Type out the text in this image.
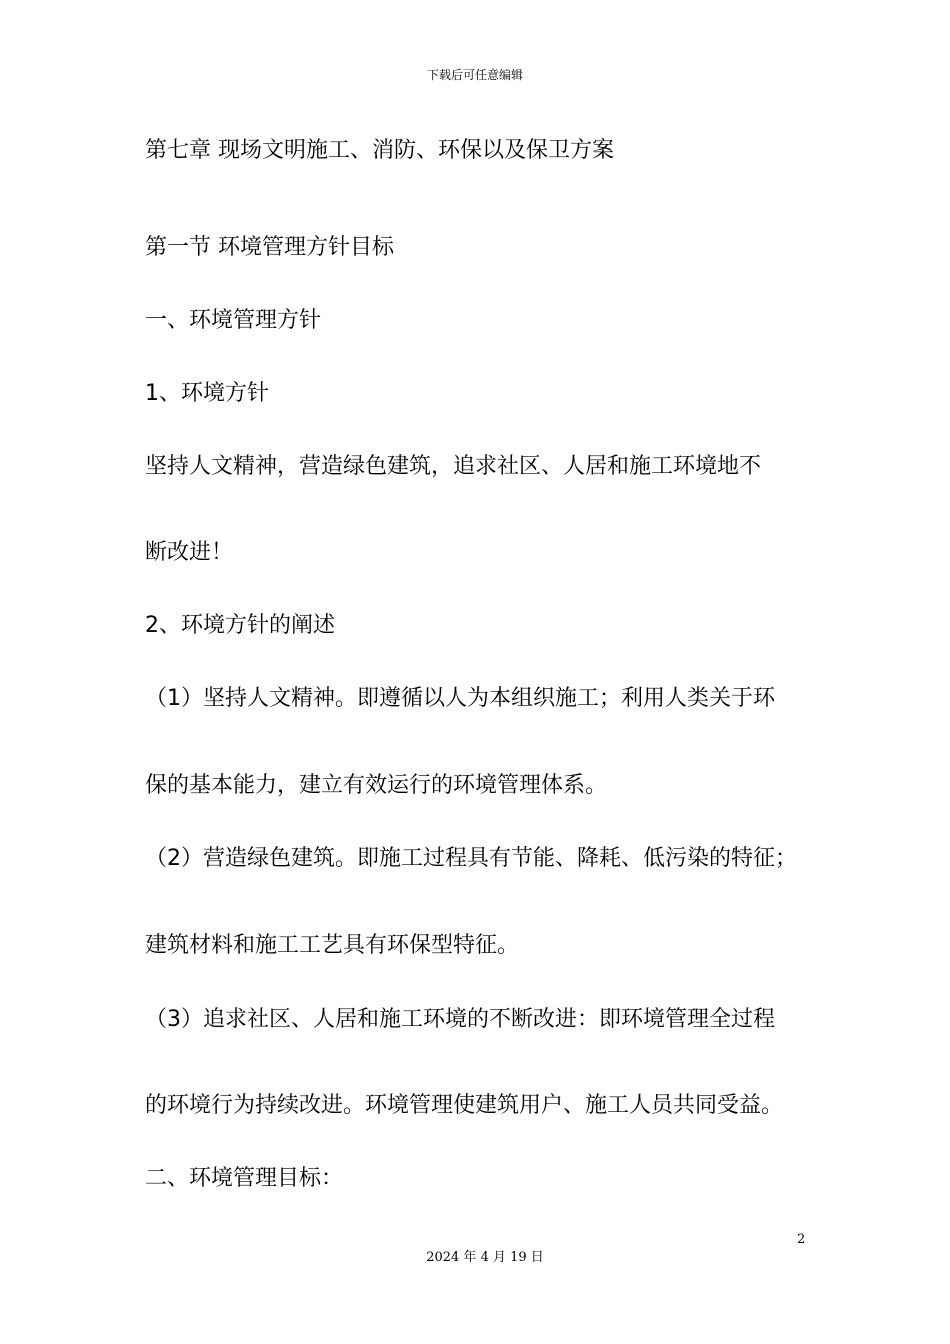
下载后可任意编辑
第七章 现场文明施工、消防、环保以及保卫方案
第一节 环境管理方针目标
一、环境管理方针
1、环境方针
坚持人文精神，营造绿色建筑，追求社区、人居和施工环境地不
断改进！
2、环境方针的阐述
（1）坚持人文精神。即遵循以人为本组织施工；利用人类关于环
保的基本能力，建立有效运行的环境管理体系。
（2）营造绿色建筑。即施工过程具有节能、降耗、低污染的特征；
建筑材料和施工工艺具有环保型特征。
（3）追求社区、人居和施工环境的不断改进：即环境管理全过程
的环境行为持续改进。环境管理使建筑用户、施工人员共同受益。
二、环境管理目标：
2
2024 年 4 月 19 日
